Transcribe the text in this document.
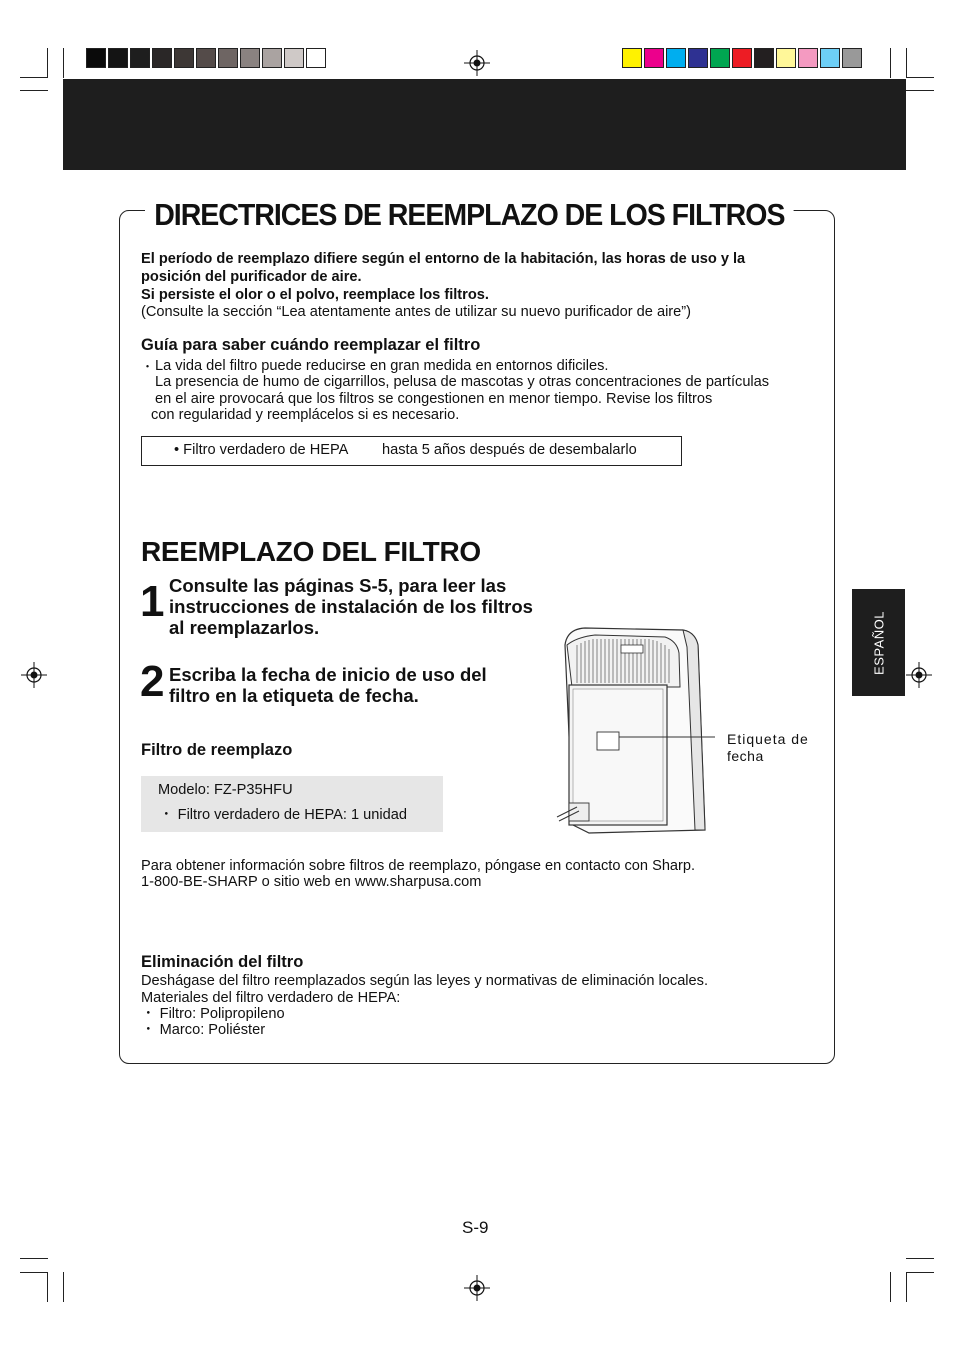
DIRECTRICES DE REEMPLAZO DE LOS FILTROS
El período de reemplazo difiere según el entorno de la habitación, las horas de uso y la
posición del purificador de aire.
Si persiste el olor o el polvo, reemplace los filtros.
(Consulte la sección “Lea atentamente antes de utilizar su nuevo purificador de aire”)
Guía para saber cuándo reemplazar el filtro
・ La vida del filtro puede reducirse en gran medida en entornos dificiles.
La presencia de humo de cigarrillos, pelusa de mascotas y otras concentraciones de partículas
en el aire provocará que los filtros se congestionen en menor tiempo. Revise los filtros
con regularidad y reemplácelos si es necesario.
• Filtro verdadero de HEPA hasta 5 años después de desembalarlo
REEMPLAZO DEL FILTRO
1 Consulte las páginas S-5, para leer las
instrucciones de instalación de los filtros
al reemplazarlos.
2 Escriba la fecha de inicio de uso del
filtro en la etiqueta de fecha.
Filtro de reemplazo
Modelo: FZ-P35HFU
・ Filtro verdadero de HEPA: 1 unidad
Etiqueta de
fecha
Para obtener información sobre filtros de reemplazo, póngase en contacto con Sharp.
1-800-BE-SHARP o sitio web en www.sharpusa.com
Eliminación del filtro
Deshágase del filtro reemplazados según las leyes y normativas de eliminación locales.
Materiales del filtro verdadero de HEPA:
・ Filtro: Polipropileno
・ Marco: Poliéster
ESPAÑOL
S-9
